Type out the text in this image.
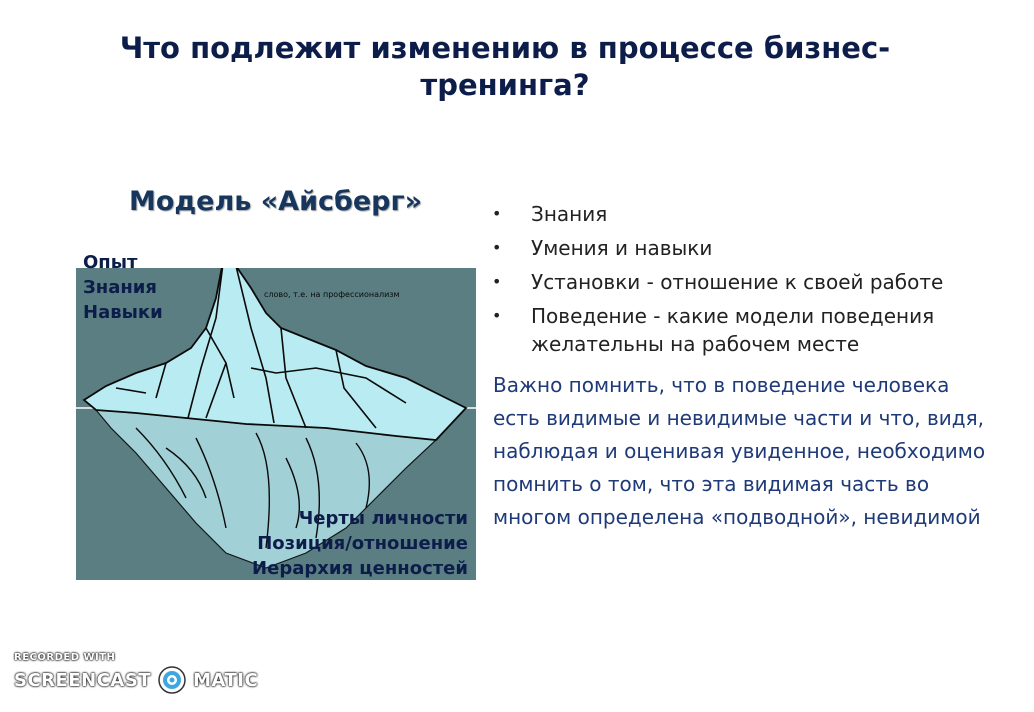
Что подлежит изменению в процессе бизнес-тренинга?
Модель «Айсберг»
Опыт
Знания
Навыки
слово, т.е. на профессионализм
Черты личности
Позиция/отношение
Иерархия ценностей
• Знания
• Умения и навыки
• Установки - отношение к своей работе
• Поведение - какие модели поведения желательны на рабочем месте
Важно помнить, что в поведение человека есть видимые и невидимые части и что, видя, наблюдая и оценивая увиденное, необходимо помнить о том, что эта видимая часть во многом определена «подводной», невидимой
RECORDED WITH
SCREENCAST MATIC
